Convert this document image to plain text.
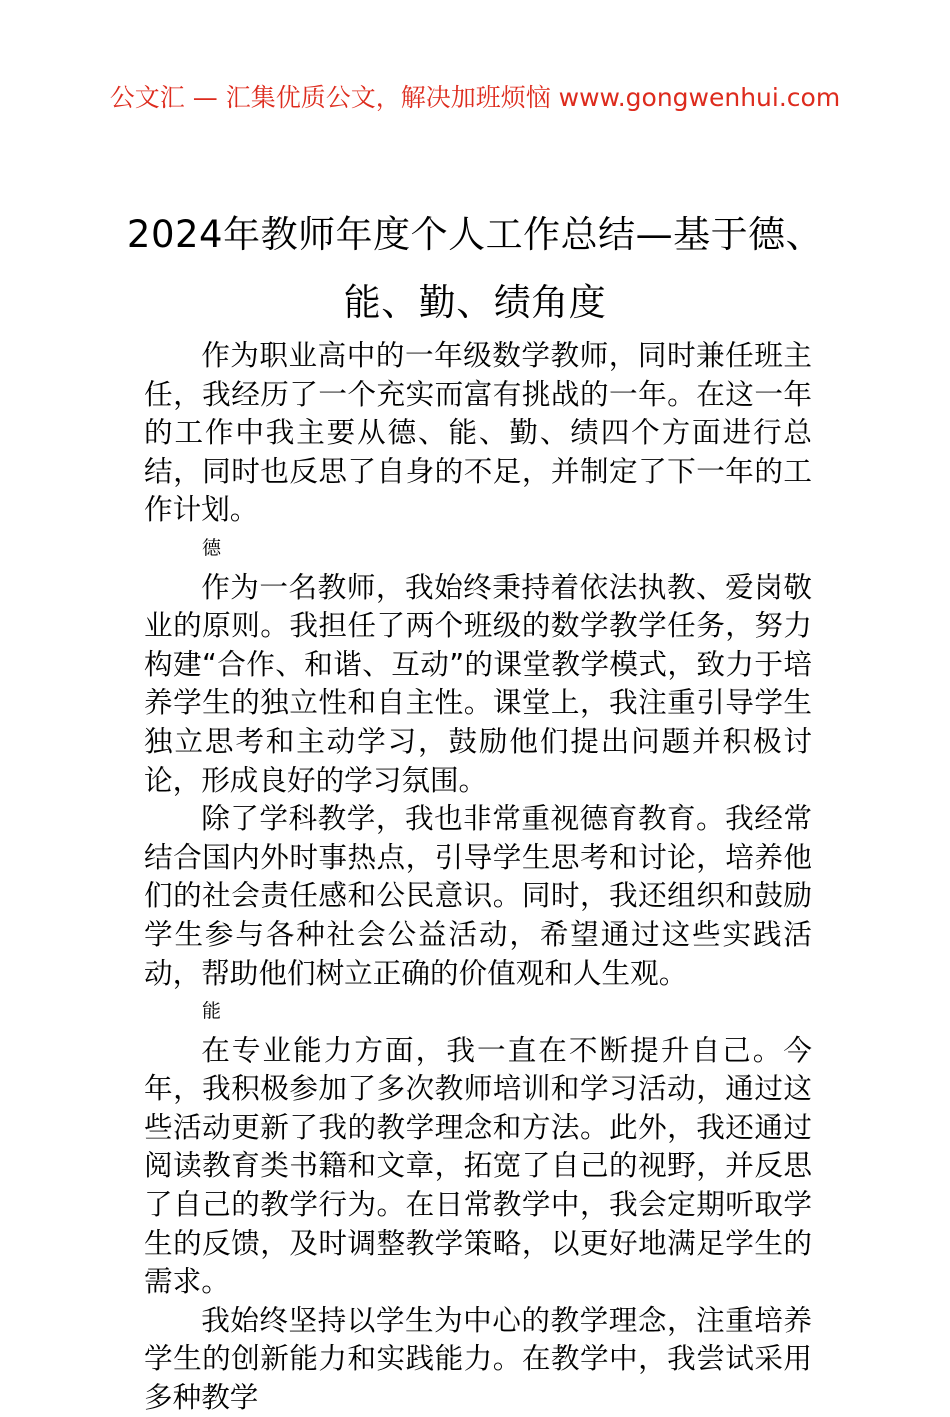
公文汇 — 汇集优质公文，解决加班烦恼 www.gongwenhui.com
2024年教师年度个人工作总结—基于德、
能、勤、绩角度

作为职业高中的一年级数学教师，同时兼任班主任，我经历了一个充实而富有挑战的一年。在这一年的工作中我主要从德、能、勤、绩四个方面进行总结，同时也反思了自身的不足，并制定了下一年的工作计划。

德

作为一名教师，我始终秉持着依法执教、爱岗敬业的原则。我担任了两个班级的数学教学任务，努力构建“合作、和谐、互动”的课堂教学模式，致力于培养学生的独立性和自主性。课堂上，我注重引导学生独立思考和主动学习，鼓励他们提出问题并积极讨论，形成良好的学习氛围。

除了学科教学，我也非常重视德育教育。我经常结合国内外时事热点，引导学生思考和讨论，培养他们的社会责任感和公民意识。同时，我还组织和鼓励学生参与各种社会公益活动，希望通过这些实践活动，帮助他们树立正确的价值观和人生观。

能

在专业能力方面，我一直在不断提升自己。今年，我积极参加了多次教师培训和学习活动，通过这些活动更新了我的教学理念和方法。此外，我还通过阅读教育类书籍和文章，拓宽了自己的视野，并反思了自己的教学行为。在日常教学中，我会定期听取学生的反馈，及时调整教学策略，以更好地满足学生的需求。

我始终坚持以学生为中心的教学理念，注重培养学生的创新能力和实践能力。在教学中，我尝试采用多种教学
